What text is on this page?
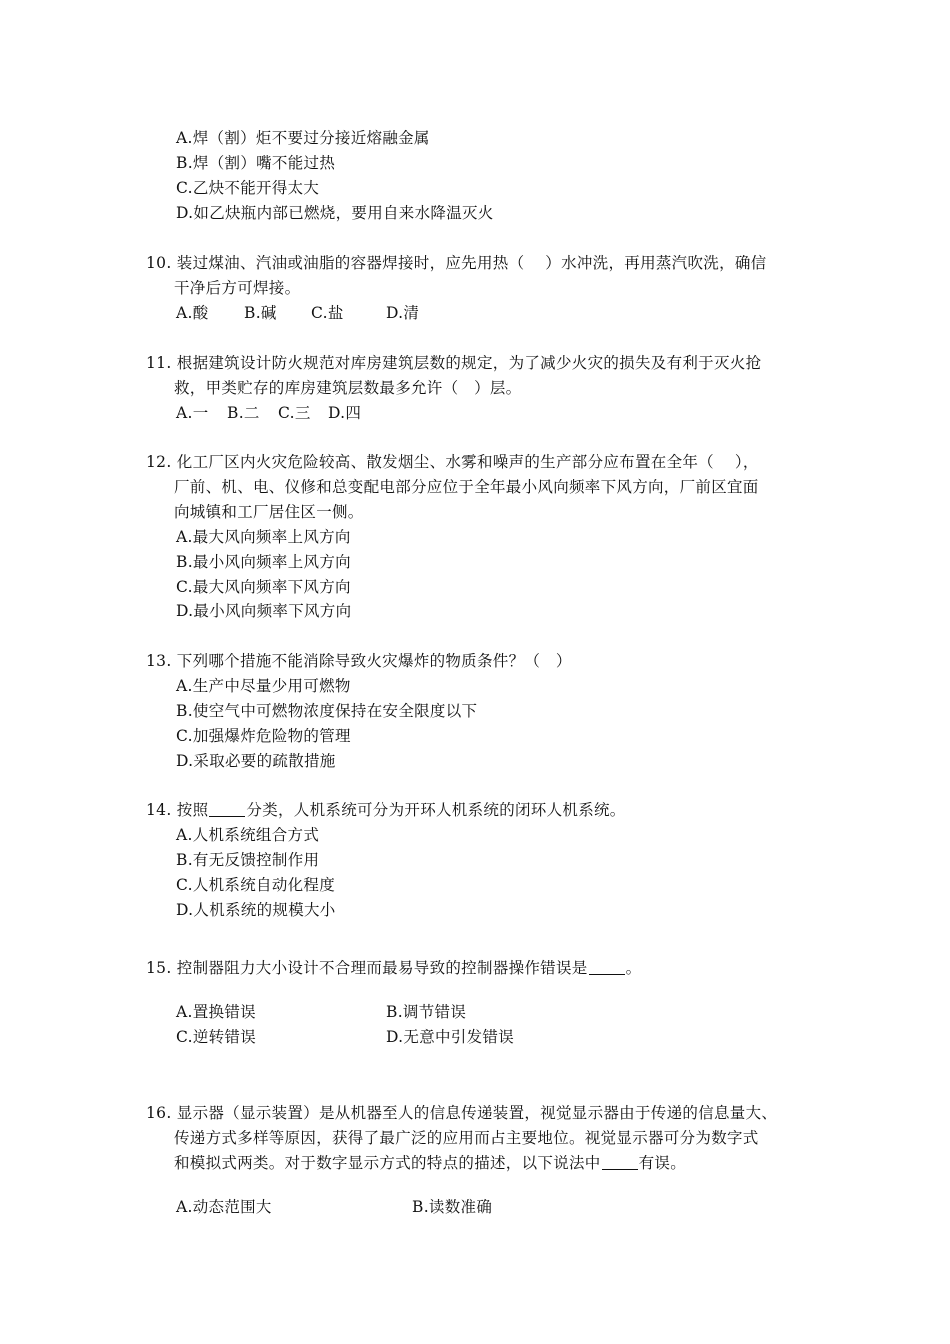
A.焊（割）炬不要过分接近熔融金属
B.焊（割）嘴不能过热
C.乙炔不能开得太大
D.如乙炔瓶内部已燃烧，要用自来水降温灭火
10. 装过煤油、汽油或油脂的容器焊接时，应先用热（    ）水冲洗，再用蒸汽吹洗，确信
干净后方可焊接。
A.酸 B.碱 C.盐	D.清
11. 根据建筑设计防火规范对库房建筑层数的规定，为了减少火灾的损失及有利于灭火抢
救，甲类贮存的库房建筑层数最多允许（   ）层。
A.一 B.二 C.三 D.四
12. 化工厂区内火灾危险较高、散发烟尘、水雾和噪声的生产部分应布置在全年（    ），
厂前、机、电、仪修和总变配电部分应位于全年最小风向频率下风方向，厂前区宜面
向城镇和工厂居住区一侧。
A.最大风向频率上风方向
B.最小风向频率上风方向
C.最大风向频率下风方向
D.最小风向频率下风方向
13. 下列哪个措施不能消除导致火灾爆炸的物质条件？（   ）
A.生产中尽量少用可燃物
B.使空气中可燃物浓度保持在安全限度以下
C.加强爆炸危险物的管理
D.采取必要的疏散措施
14. 按照 分类，人机系统可分为开环人机系统的闭环人机系统。
A.人机系统组合方式
B.有无反馈控制作用
C.人机系统自动化程度
D.人机系统的规模大小
15. 控制器阻力大小设计不合理而最易导致的控制器操作错误是 。
A.置换错误	B.调节错误
C.逆转错误	D.无意中引发错误
16. 显示器（显示装置）是从机器至人的信息传递装置，视觉显示器由于传递的信息量大、
传递方式多样等原因，获得了最广泛的应用而占主要地位。视觉显示器可分为数字式
和模拟式两类。对于数字显示方式的特点的描述，以下说法中 有误。
A.动态范围大	B.读数准确
